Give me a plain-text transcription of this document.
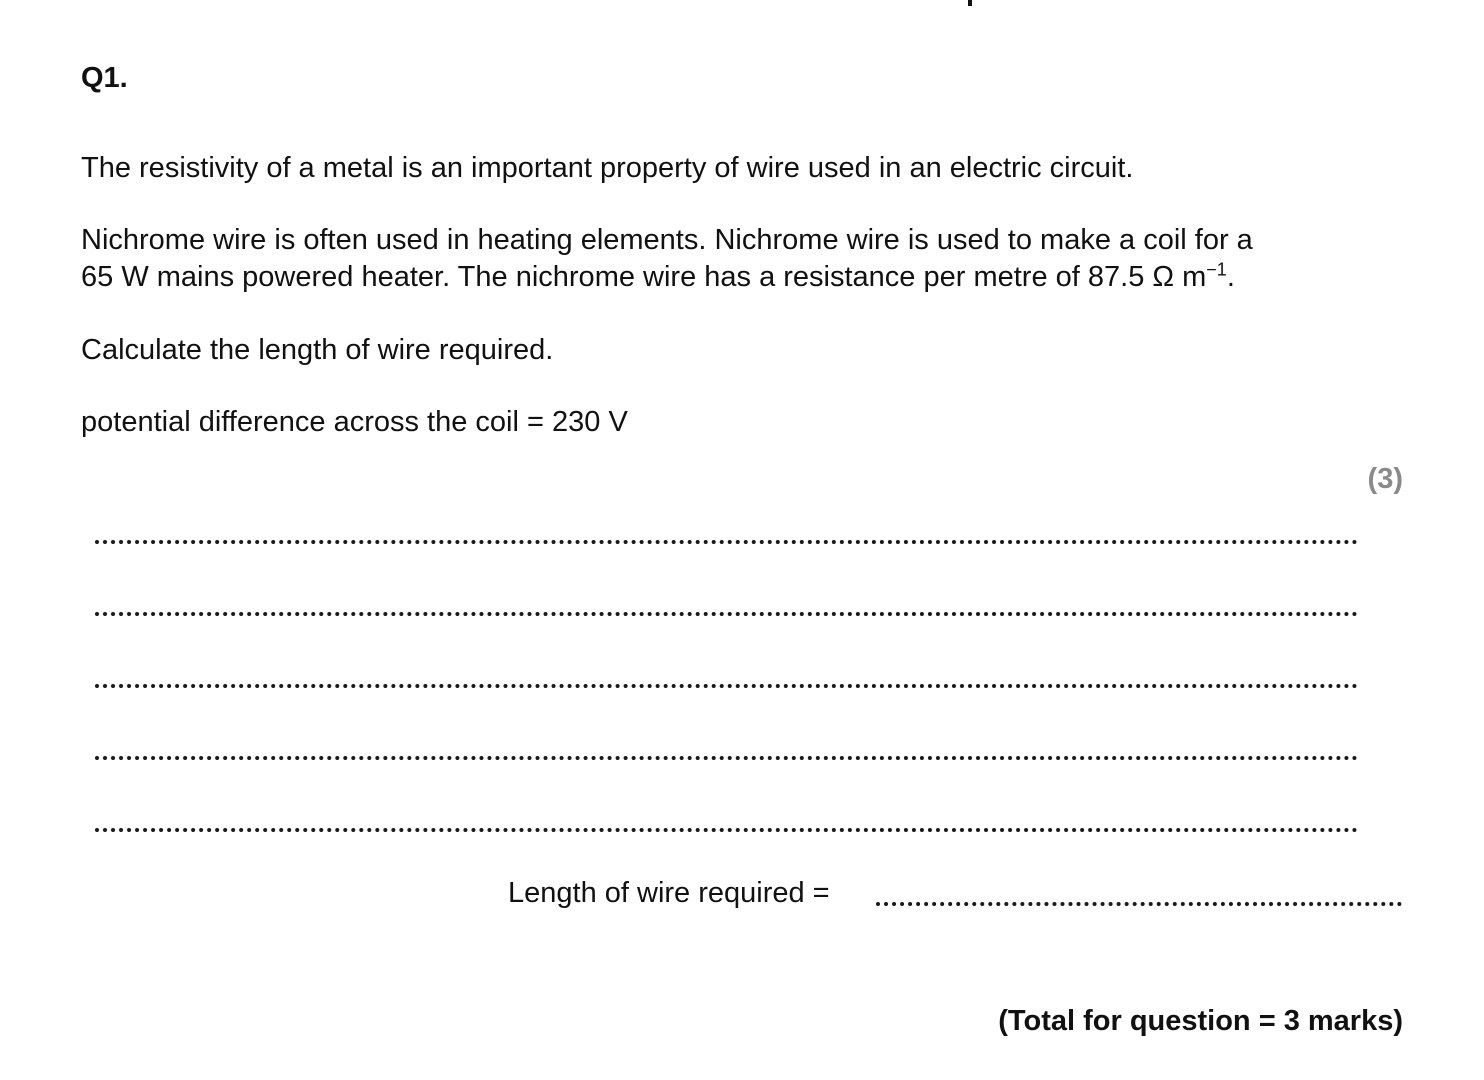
Q1.
The resistivity of a metal is an important property of wire used in an electric circuit.
Nichrome wire is often used in heating elements. Nichrome wire is used to make a coil for a
65 W mains powered heater. The nichrome wire has a resistance per metre of 87.5 Ω $m^{-1}$.
Calculate the length of wire required.
potential difference across the coil = 230 V
(3)
Length of wire required =
(Total for question = 3 marks)
